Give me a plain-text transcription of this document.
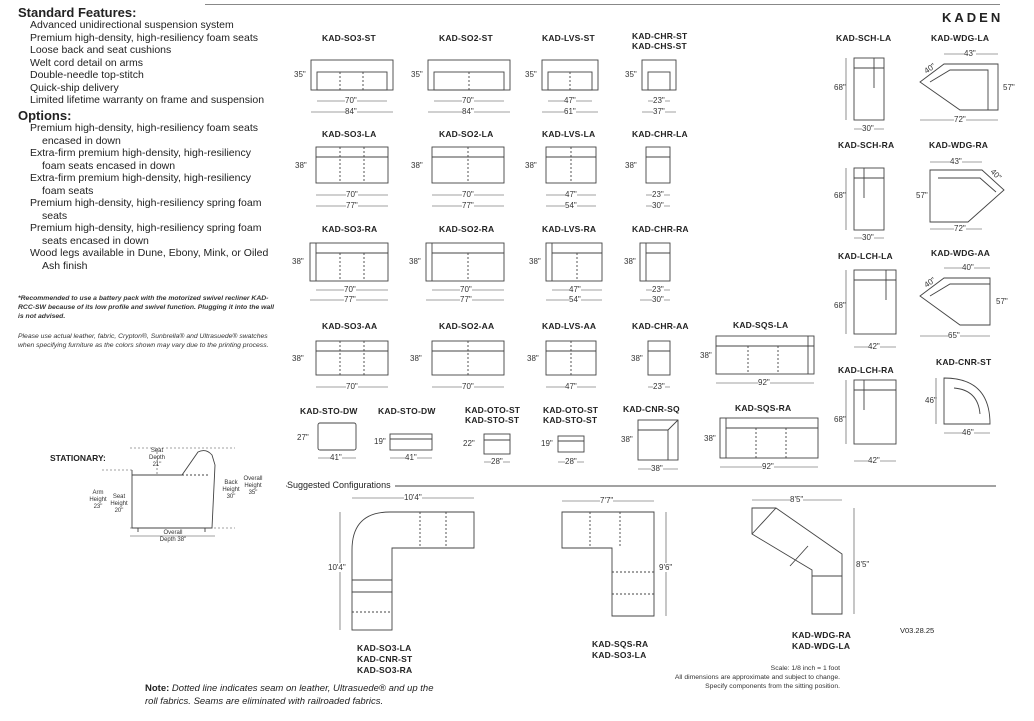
KADEN
Standard Features:
Advanced unidirectional suspension system
Premium high-density, high-resiliency foam seats
Loose back and seat cushions
Welt cord detail on arms
Double-needle top-stitch
Quick-ship delivery
Limited lifetime warranty on frame and suspension
Options:
Premium high-density, high-resiliency foam seats
encased in down
Extra-firm premium high-density, high-resiliency
foam seats encased in down
Extra-firm premium high-density, high-resiliency
foam seats
Premium high-density, high-resiliency spring foam
seats
Premium high-density, high-resiliency spring foam
seats encased in down
Wood legs available in Dune, Ebony, Mink, or Oiled
Ash finish
*Recommended to use a battery pack with the motorized swivel recliner KAD-RCC-SW because of its low profile and swivel function. Plugging it into the wall is not advised.
Please use actual leather, fabric, Crypton®, Sunbrella® and Ultrasuede® swatches when specifying furniture as the colors shown may vary due to the printing process.
STATIONARY:
Seat Depth 21"
Back Height 30"
Overall Height 35"
Arm Height 23"
Seat Height 20"
Overall Depth 38"
KAD-SO3-ST	KAD-SO2-ST	KAD-LVS-ST	KAD-CHR-ST
KAD-CHS-ST
KAD-SO3-LA	KAD-SO2-LA	KAD-LVS-LA	KAD-CHR-LA
KAD-SO3-RA	KAD-SO2-RA	KAD-LVS-RA	KAD-CHR-RA
KAD-SO3-AA	KAD-SO2-AA	KAD-LVS-AA	KAD-CHR-AA	KAD-SQS-LA
KAD-STO-DW KAD-STO-DW	KAD-OTO-ST
KAD-STO-ST
KAD-OTO-ST
KAD-STO-ST
KAD-CNR-SQ	KAD-SQS-RA
KAD-SCH-LA	KAD-WDG-LA
KAD-SCH-RA	KAD-WDG-RA
KAD-LCH-LA	KAD-WDG-AA
KAD-LCH-RA
KAD-CNR-ST
35"	35"	35"	35"
38"	38"	38"	38"
38"	38"	38"	38"
38"	38"	38"	38"	38"
27"	19"	22"	19"	38"	38"
68"	57"
68"	57"
68"	57"
68"
46"
70"
84"
70"
84"
47"
61"
23"
37"
70"
77"
70"
77"
47"
54"
23"
30"
70"
77"
70"
77"
47"
54"
23"
30"
70"	70"	47"	23"	92"
41"	41"	28"	28"
38"	92"
30"
43"
72"
40"
30"
43"
72"
40"
42"
40"
65"
40"
42"
46"
Suggested Configurations
10'4"
10'4"
7'7"
9'6"
8'5"
8'5"
KAD-SO3-LA
KAD-CNR-ST
KAD-SO3-RA
KAD-SQS-RA
KAD-SO3-LA
KAD-WDG-RA
KAD-WDG-LA
V03.28.25
Scale: 1/8 inch = 1 foot
All dimensions are approximate and subject to change.
Specify components from the sitting position.
Note: Dotted line indicates seam on leather, Ultrasuede® and up the
roll fabrics. Seams are eliminated with railroaded fabrics.
